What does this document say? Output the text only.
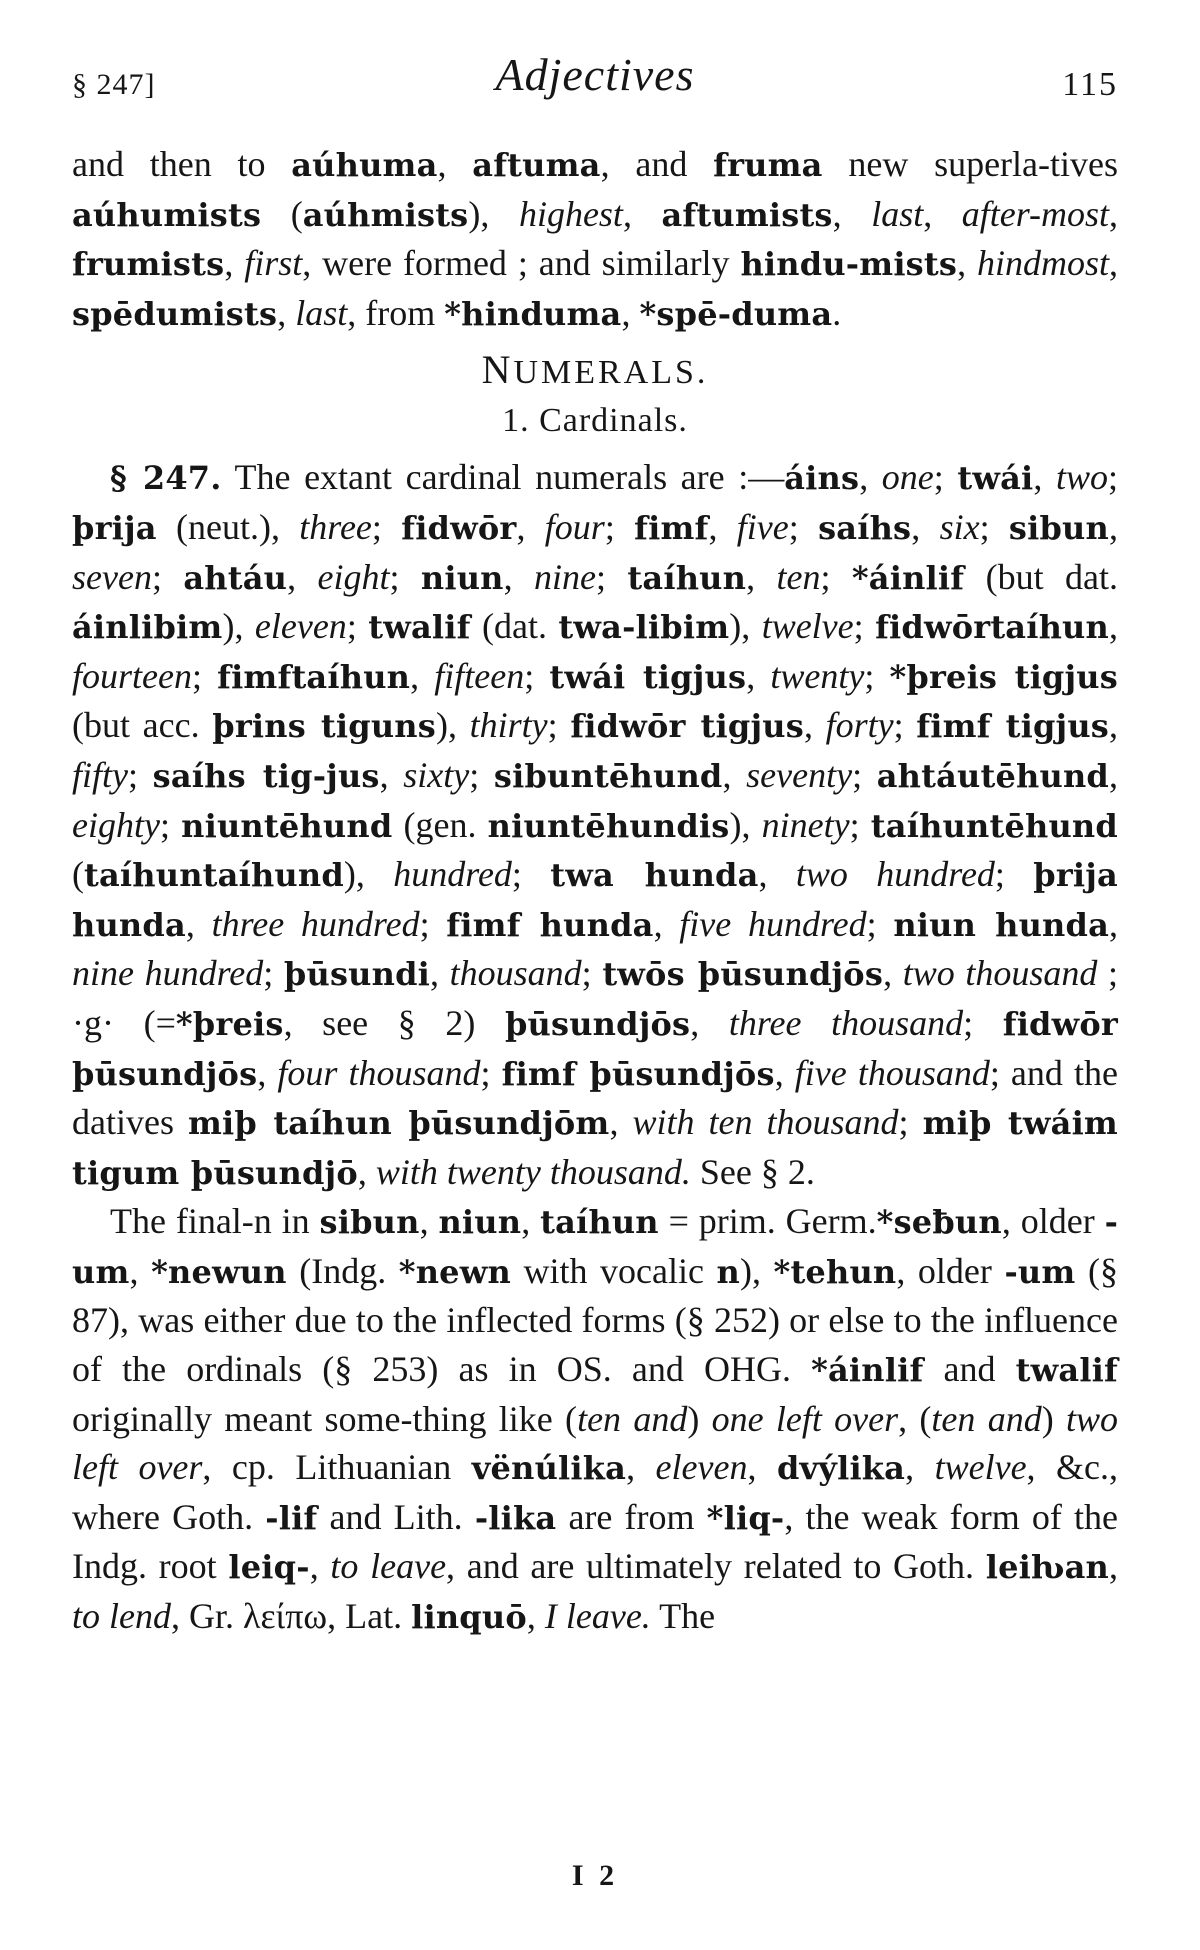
§ 247]	Adjectives	115

and then to aúhuma, aftuma, and fruma new superla-tives aúhumists (aúhmists), highest, aftumists, last, after-most, frumists, first, were formed ; and similarly hindu-mists, hindmost, spēdumists, last, from *hinduma, *spē-duma.

NUMERALS.
1. Cardinals.

§ 247. The extant cardinal numerals are :—áins, one; twái, two; þrija (neut.), three; fidwōr, four; fimf, five; saíhs, six; sibun, seven; ahtáu, eight; niun, nine; taíhun, ten; *áinlif (but dat. áinlibim), eleven; twalif (dat. twa-libim), twelve; fidwōrtaíhun, fourteen; fimftaíhun, fifteen; twái tigjus, twenty; *þreis tigjus (but acc. þrins tiguns), thirty; fidwōr tigjus, forty; fimf tigjus, fifty; saíhs tig-jus, sixty; sibuntēhund, seventy; ahtáutēhund, eighty; niuntēhund (gen. niuntēhundis), ninety; taíhuntēhund (taíhuntaíhund), hundred; twa hunda, two hundred; þrija hunda, three hundred; fimf hunda, five hundred; niun hunda, nine hundred; þūsundi, thousand; twōs þūsundjōs, two thousand ; ·g· (=*þreis, see § 2) þūsundjōs, three thousand; fidwōr þūsundjōs, four thousand; fimf þūsundjōs, five thousand; and the datives miþ taíhun þūsundjōm, with ten thousand; miþ twáim tigum þūsundjō, with twenty thousand. See § 2.

The final-n in sibun, niun, taíhun = prim. Germ.*seƀun, older -um, *newun (Indg. *newn with vocalic n), *tehun, older -um (§ 87), was either due to the inflected forms (§ 252) or else to the influence of the ordinals (§ 253) as in OS. and OHG. *áinlif and twalif originally meant some-thing like (ten and) one left over, (ten and) two left over, cp. Lithuanian vënúlika, eleven, dvýlika, twelve, &c., where Goth. -lif and Lith. -lika are from *liq-, the weak form of the Indg. root leiq-, to leave, and are ultimately related to Goth. leiƕan, to lend, Gr. λείπω, Lat. linquō, I leave. The

I 2
